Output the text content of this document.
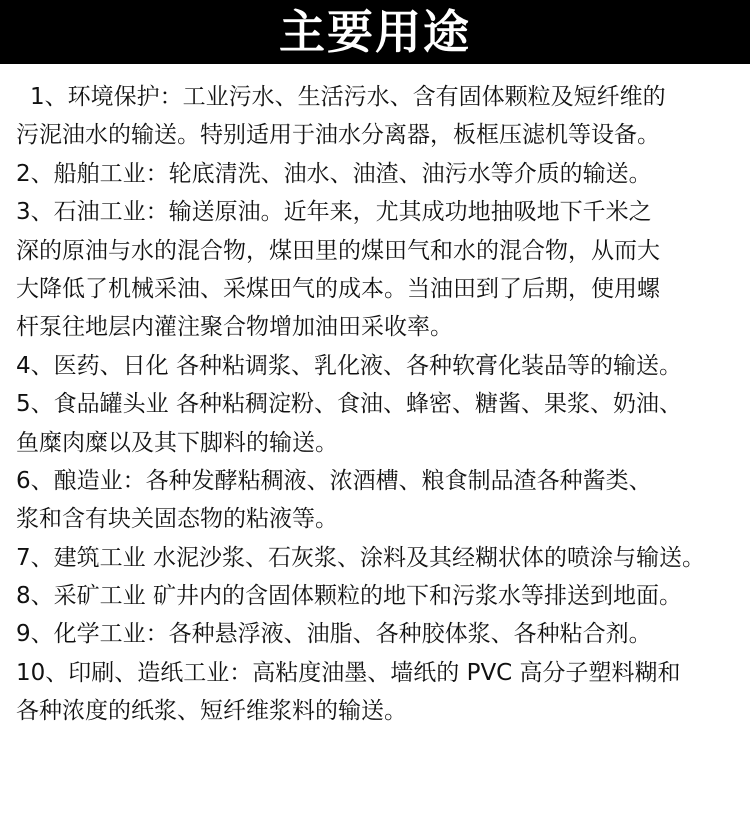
主要用途
1、环境保护：工业污水、生活污水、含有固体颗粒及短纤维的
污泥油水的输送。特别适用于油水分离器，板框压滤机等设备。
2、船舶工业：轮底清洗、油水、油渣、油污水等介质的输送。
3、石油工业：输送原油。近年来，尤其成功地抽吸地下千米之
深的原油与水的混合物，煤田里的煤田气和水的混合物，从而大
大降低了机械采油、采煤田气的成本。当油田到了后期，使用螺
杆泵往地层内灌注聚合物增加油田采收率。
4、医药、日化 各种粘调浆、乳化液、各种软膏化装品等的输送。
5、食品罐头业 各种粘稠淀粉、食油、蜂密、糖酱、果浆、奶油、
鱼糜肉糜以及其下脚料的输送。
6、酿造业：各种发酵粘稠液、浓酒槽、粮食制品渣各种酱类、
浆和含有块关固态物的粘液等。
7、建筑工业 水泥沙浆、石灰浆、涂料及其经糊状体的喷涂与输送。
8、采矿工业 矿井内的含固体颗粒的地下和污浆水等排送到地面。
9、化学工业：各种悬浮液、油脂、各种胶体浆、各种粘合剂。
10、印刷、造纸工业：高粘度油墨、墙纸的 PVC 高分子塑料糊和
各种浓度的纸浆、短纤维浆料的输送。
